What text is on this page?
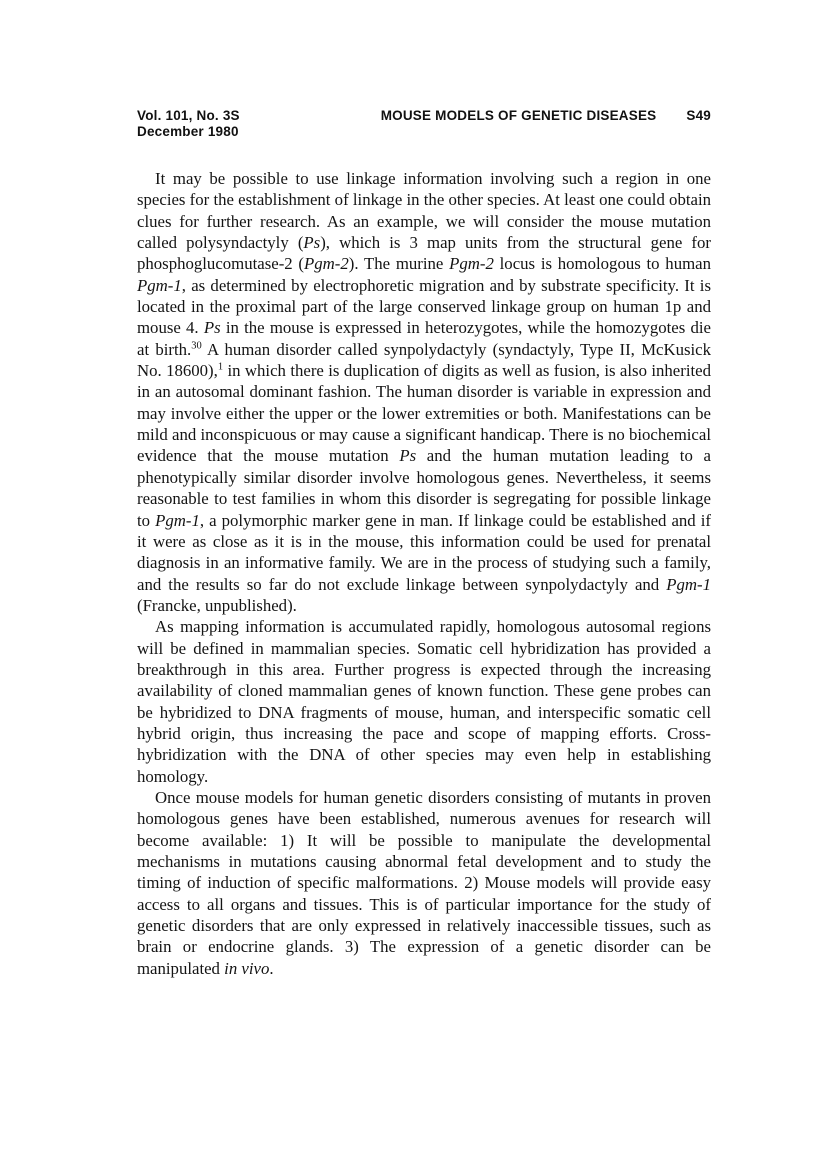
Vol. 101, No. 3S
December 1980
MOUSE MODELS OF GENETIC DISEASES S49

It may be possible to use linkage information involving such a region in one species for the establishment of linkage in the other species. At least one could obtain clues for further research. As an example, we will consider the mouse mutation called polysyndactyly (Ps), which is 3 map units from the structural gene for phosphoglucomutase-2 (Pgm-2). The murine Pgm-2 locus is homologous to human Pgm-1, as determined by electrophoretic migration and by substrate specificity. It is located in the proximal part of the large conserved linkage group on human 1p and mouse 4. Ps in the mouse is expressed in heterozygotes, while the homozygotes die at birth.$^{30}$ A human disorder called synpolydactyly (syndactyly, Type II, McKusick No. 18600),$^1$ in which there is duplication of digits as well as fusion, is also inherited in an autosomal dominant fashion. The human disorder is variable in expression and may involve either the upper or the lower extremities or both. Manifestations can be mild and inconspicuous or may cause a significant handicap. There is no biochemical evidence that the mouse mutation Ps and the human mutation leading to a phenotypically similar disorder involve homologous genes. Nevertheless, it seems reasonable to test families in whom this disorder is segregating for possible linkage to Pgm-1, a polymorphic marker gene in man. If linkage could be established and if it were as close as it is in the mouse, this information could be used for prenatal diagnosis in an informative family. We are in the process of studying such a family, and the results so far do not exclude linkage between synpolydactyly and Pgm-1 (Francke, unpublished).

As mapping information is accumulated rapidly, homologous autosomal regions will be defined in mammalian species. Somatic cell hybridization has provided a breakthrough in this area. Further progress is expected through the increasing availability of cloned mammalian genes of known function. These gene probes can be hybridized to DNA fragments of mouse, human, and interspecific somatic cell hybrid origin, thus increasing the pace and scope of mapping efforts. Cross-hybridization with the DNA of other species may even help in establishing homology.

Once mouse models for human genetic disorders consisting of mutants in proven homologous genes have been established, numerous avenues for research will become available: 1) It will be possible to manipulate the developmental mechanisms in mutations causing abnormal fetal development and to study the timing of induction of specific malformations. 2) Mouse models will provide easy access to all organs and tissues. This is of particular importance for the study of genetic disorders that are only expressed in relatively inaccessible tissues, such as brain or endocrine glands. 3) The expression of a genetic disorder can be manipulated in vivo.
